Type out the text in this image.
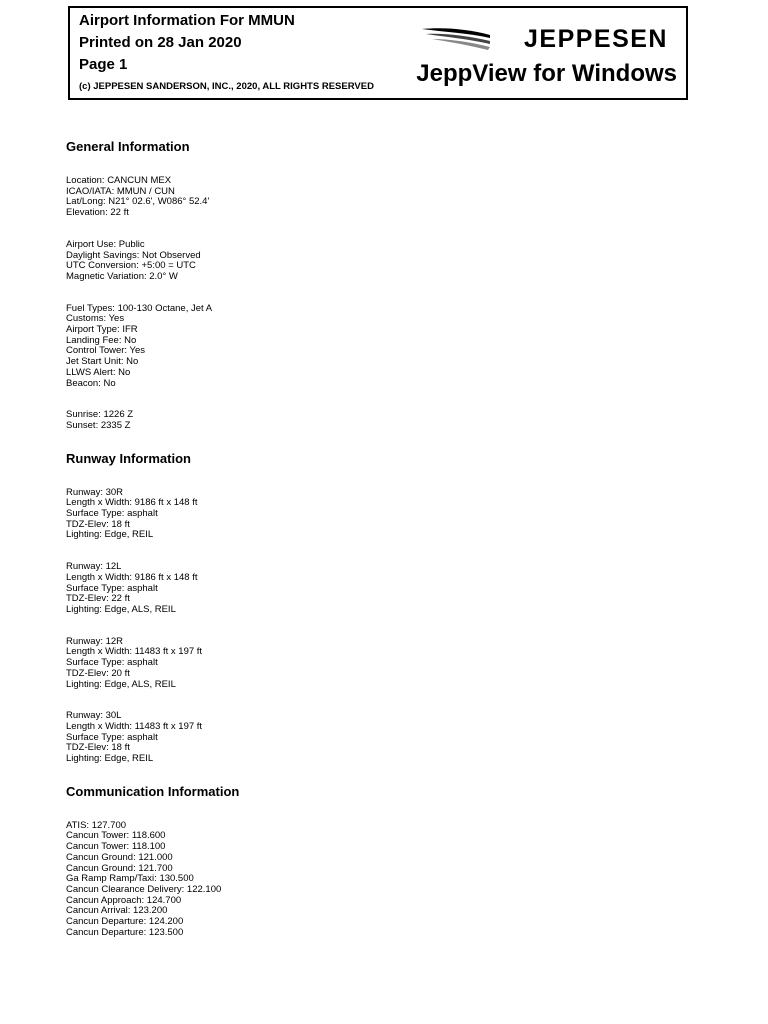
Airport Information For MMUN
Printed on 28 Jan 2020
Page 1
(c) JEPPESEN SANDERSON, INC., 2020, ALL RIGHTS RESERVED
JEPPESEN
JeppView for Windows
General Information
Location: CANCUN MEX
ICAO/IATA: MMUN / CUN
Lat/Long: N21° 02.6', W086° 52.4'
Elevation: 22 ft
Airport Use: Public
Daylight Savings: Not Observed
UTC Conversion: +5:00 = UTC
Magnetic Variation: 2.0° W
Fuel Types: 100-130 Octane, Jet A
Customs: Yes
Airport Type: IFR
Landing Fee: No
Control Tower: Yes
Jet Start Unit: No
LLWS Alert: No
Beacon: No
Sunrise: 1226 Z
Sunset: 2335 Z
Runway Information
Runway: 30R
Length x Width: 9186 ft x 148 ft
Surface Type: asphalt
TDZ-Elev: 18 ft
Lighting: Edge, REIL
Runway: 12L
Length x Width: 9186 ft x 148 ft
Surface Type: asphalt
TDZ-Elev: 22 ft
Lighting: Edge, ALS, REIL
Runway: 12R
Length x Width: 11483 ft x 197 ft
Surface Type: asphalt
TDZ-Elev: 20 ft
Lighting: Edge, ALS, REIL
Runway: 30L
Length x Width: 11483 ft x 197 ft
Surface Type: asphalt
TDZ-Elev: 18 ft
Lighting: Edge, REIL
Communication Information
ATIS: 127.700
Cancun Tower: 118.600
Cancun Tower: 118.100
Cancun Ground: 121.000
Cancun Ground: 121.700
Ga Ramp Ramp/Taxi: 130.500
Cancun Clearance Delivery: 122.100
Cancun Approach: 124.700
Cancun Arrival: 123.200
Cancun Departure: 124.200
Cancun Departure: 123.500
